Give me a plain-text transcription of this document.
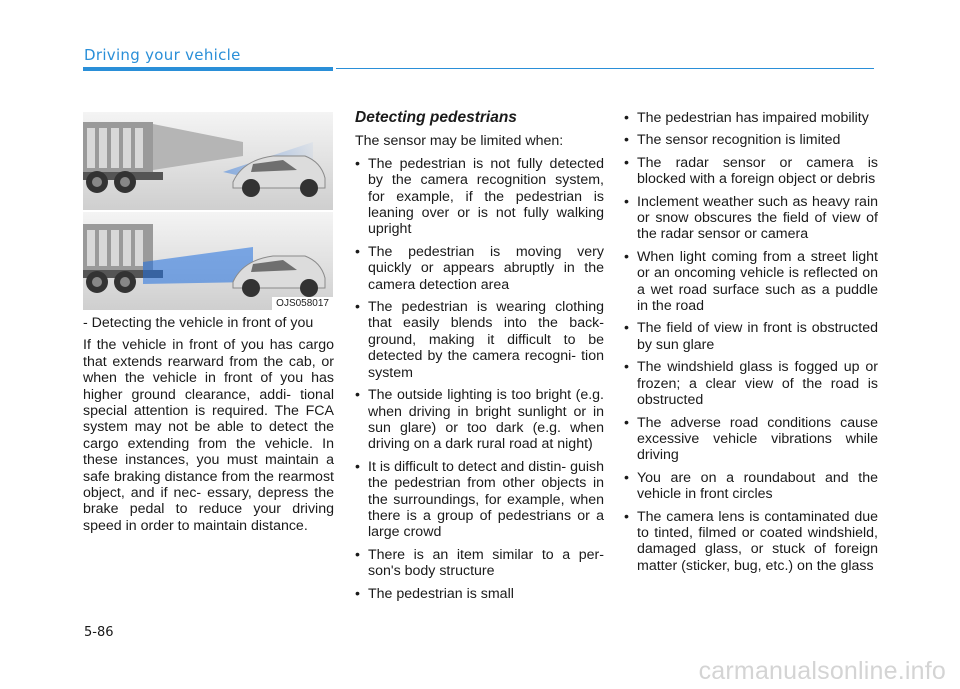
Driving your vehicle
OJS058017

- Detecting the vehicle in front of you

If the vehicle in front of you has cargo that extends rearward from the cab, or when the vehicle in front of you has higher ground clearance, addi- tional special attention is required. The FCA system may not be able to detect the cargo extending from the vehicle. In these instances, you must maintain a safe braking distance from the rearmost object, and if nec- essary, depress the brake pedal to reduce your driving speed in order to maintain distance.

Detecting pedestrians

The sensor may be limited when:

• The pedestrian is not fully detected by the camera recognition system, for example, if the pedestrian is leaning over or is not fully walking upright
• The pedestrian is moving very quickly or appears abruptly in the camera detection area
• The pedestrian is wearing clothing that easily blends into the back- ground, making it difficult to be detected by the camera recogni- tion system
• The outside lighting is too bright (e.g. when driving in bright sunlight or in sun glare) or too dark (e.g. when driving on a dark rural road at night)
• It is difficult to detect and distin- guish the pedestrian from other objects in the surroundings, for example, when there is a group of pedestrians or a large crowd
• There is an item similar to a per- son's body structure
• The pedestrian is small
• The pedestrian has impaired mobility
• The sensor recognition is limited
• The radar sensor or camera is blocked with a foreign object or debris
• Inclement weather such as heavy rain or snow obscures the field of view of the radar sensor or camera
• When light coming from a street light or an oncoming vehicle is reflected on a wet road surface such as a puddle in the road
• The field of view in front is obstructed by sun glare
• The windshield glass is fogged up or frozen; a clear view of the road is obstructed
• The adverse road conditions cause excessive vehicle vibrations while driving
• You are on a roundabout and the vehicle in front circles
• The camera lens is contaminated due to tinted, filmed or coated windshield, damaged glass, or stuck of foreign matter (sticker, bug, etc.) on the glass
5-86
carmanualsonline.info
